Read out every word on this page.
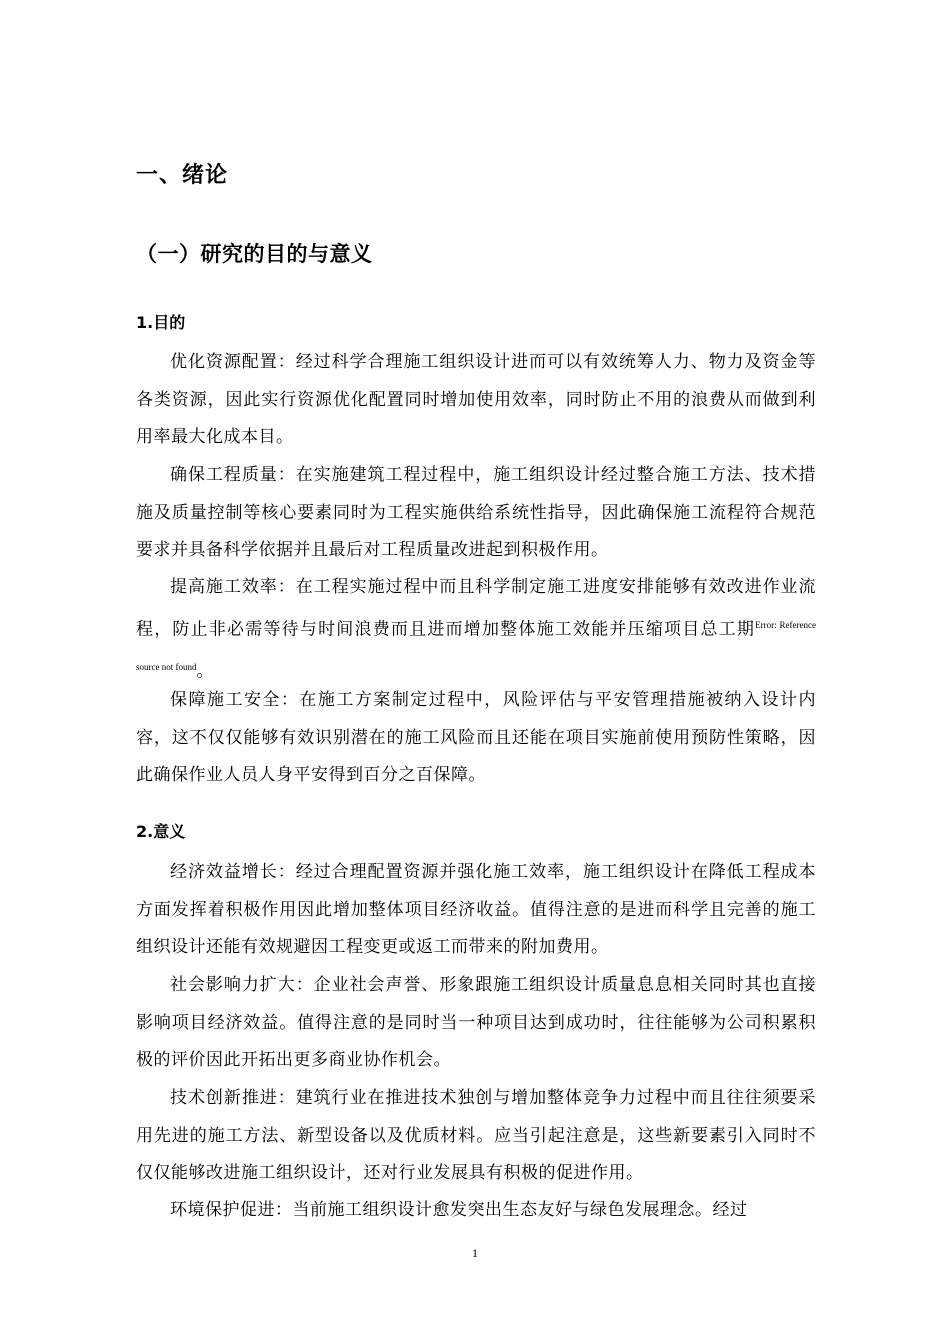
一、绪论
（一）研究的目的与意义
1.目的

优化资源配置：经过科学合理施工组织设计进而可以有效统筹人力、物力及资金等各类资源，因此实行资源优化配置同时增加使用效率，同时防止不用的浪费从而做到利用率最大化成本目。

确保工程质量：在实施建筑工程过程中，施工组织设计经过整合施工方法、技术措施及质量控制等核心要素同时为工程实施供给系统性指导，因此确保施工流程符合规范要求并具备科学依据并且最后对工程质量改进起到积极作用。

提高施工效率：在工程实施过程中而且科学制定施工进度安排能够有效改进作业流程，防止非必需等待与时间浪费而且进而增加整体施工效能并压缩项目总工期$^{Error: Reference source not found}$。

保障施工安全：在施工方案制定过程中，风险评估与平安管理措施被纳入设计内容，这不仅仅能够有效识别潜在的施工风险而且还能在项目实施前使用预防性策略，因此确保作业人员人身平安得到百分之百保障。

2.意义

经济效益增长：经过合理配置资源并强化施工效率，施工组织设计在降低工程成本方面发挥着积极作用因此增加整体项目经济收益。值得注意的是进而科学且完善的施工组织设计还能有效规避因工程变更或返工而带来的附加费用。

社会影响力扩大：企业社会声誉、形象跟施工组织设计质量息息相关同时其也直接影响项目经济效益。值得注意的是同时当一种项目达到成功时，往往能够为公司积累积极的评价因此开拓出更多商业协作机会。

技术创新推进：建筑行业在推进技术独创与增加整体竞争力过程中而且往往须要采用先进的施工方法、新型设备以及优质材料。应当引起注意是，这些新要素引入同时不仅仅能够改进施工组织设计，还对行业发展具有积极的促进作用。

环境保护促进：当前施工组织设计愈发突出生态友好与绿色发展理念。经过

1
